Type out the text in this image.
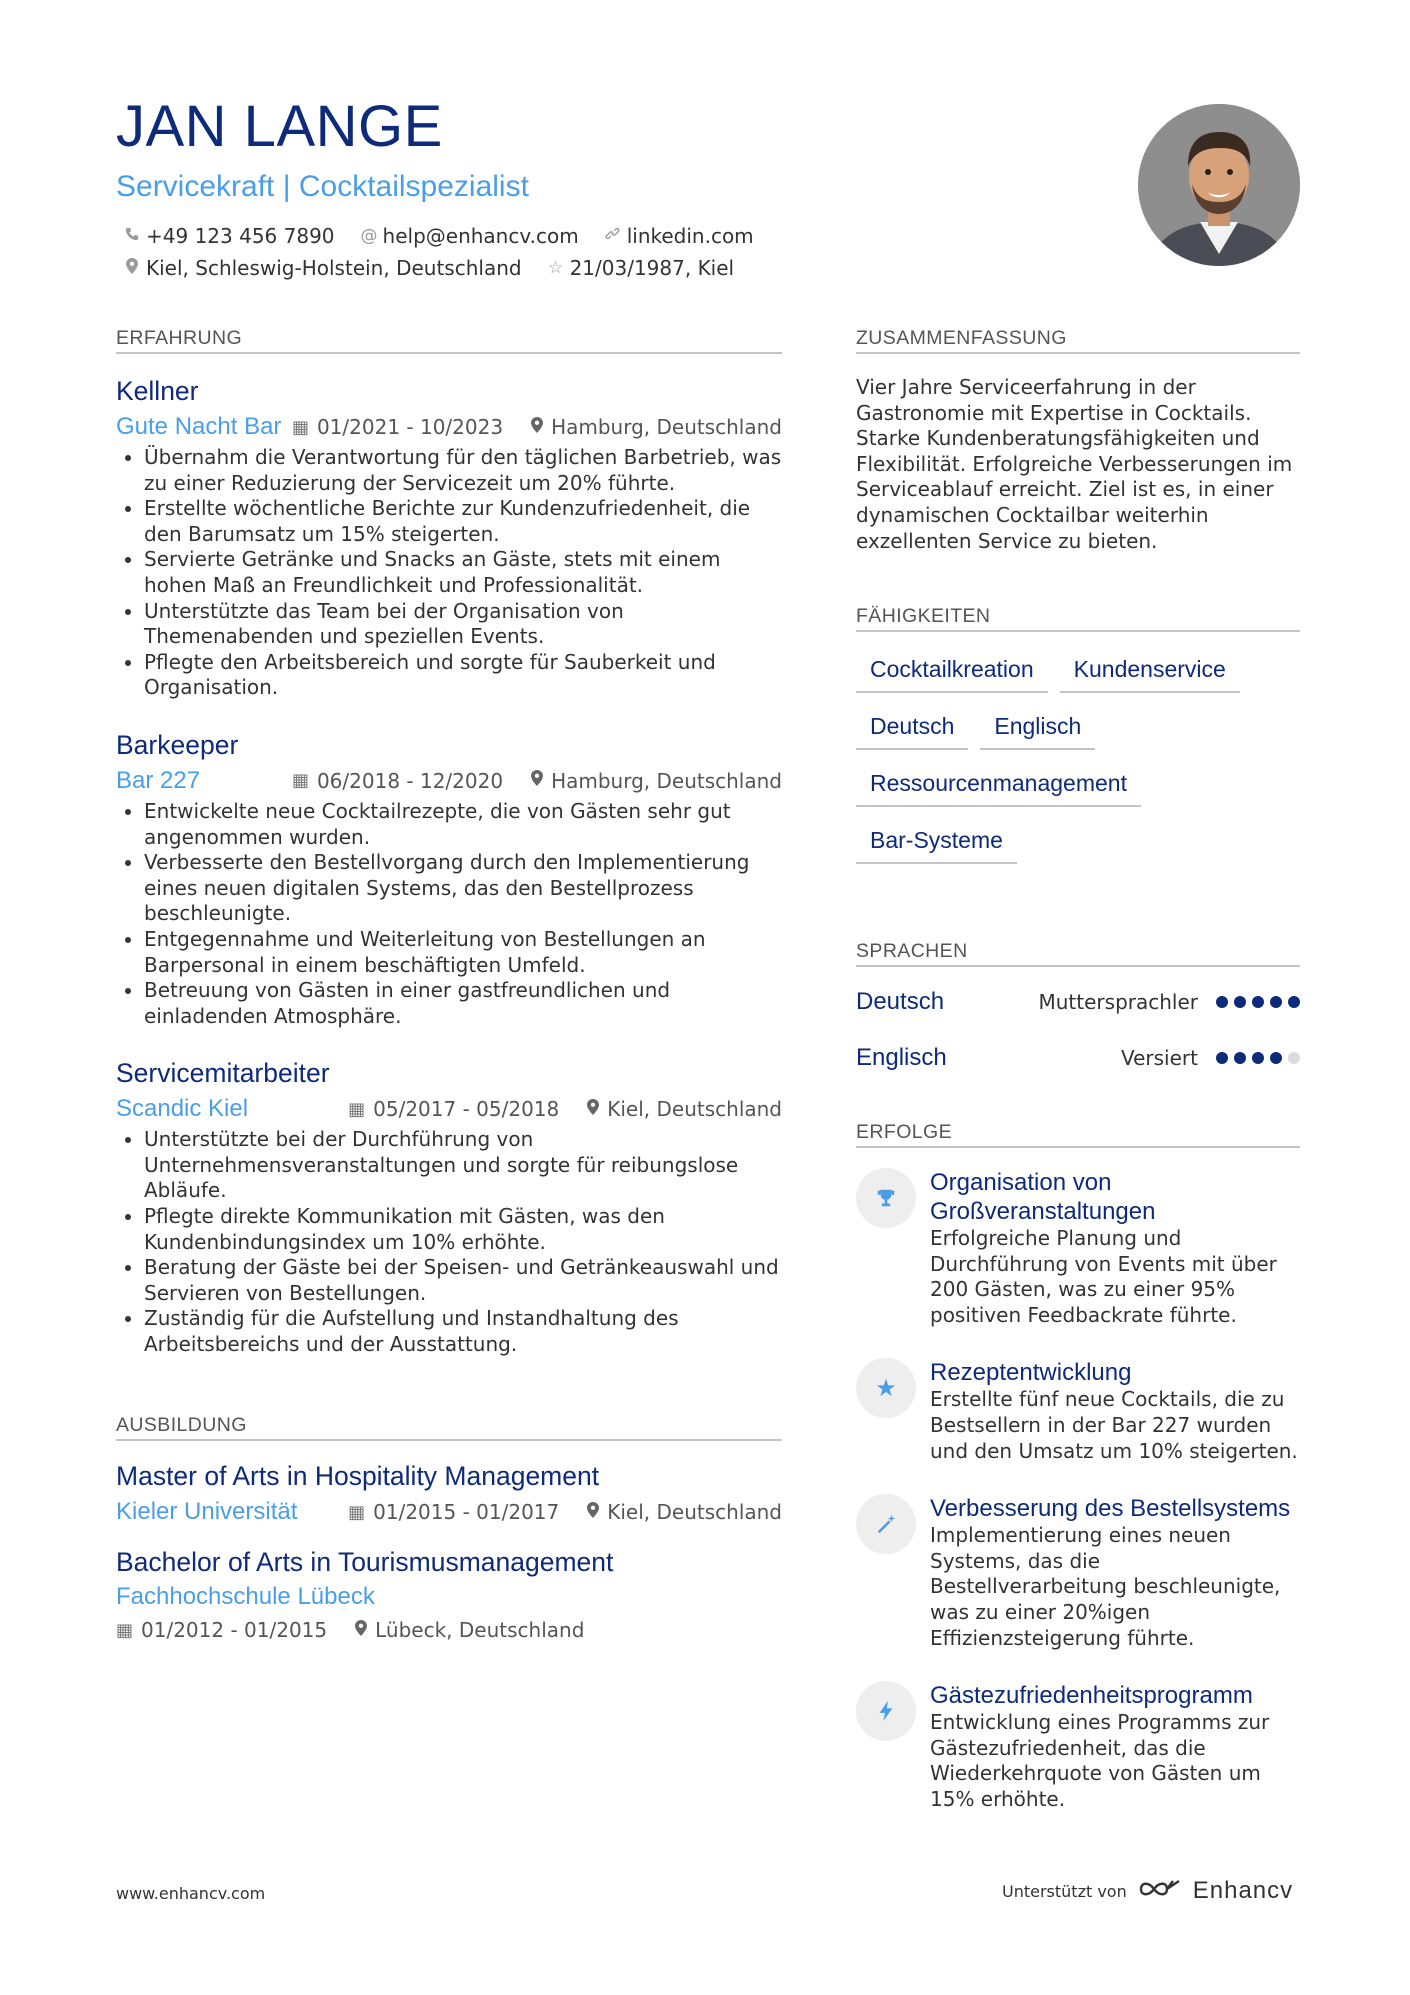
JAN LANGE
Servicekraft | Cocktailspezialist
+49 123 456 7890 @ help@enhancv.com linkedin.com
Kiel, Schleswig-Holstein, Deutschland ☆ 21/03/1987, Kiel
ERFAHRUNG
Kellner
Gute Nacht Bar ▦ 01/2021 - 10/2023 Hamburg, Deutschland
• Übernahm die Verantwortung für den täglichen Barbetrieb, was zu einer Reduzierung der Servicezeit um 20% führte.
• Erstellte wöchentliche Berichte zur Kundenzufriedenheit, die den Barumsatz um 15% steigerten.
• Servierte Getränke und Snacks an Gäste, stets mit einem hohen Maß an Freundlichkeit und Professionalität.
• Unterstützte das Team bei der Organisation von Themenabenden und speziellen Events.
• Pflegte den Arbeitsbereich und sorgte für Sauberkeit und Organisation.
Barkeeper
Bar 227	▦ 06/2018 - 12/2020 Hamburg, Deutschland
• Entwickelte neue Cocktailrezepte, die von Gästen sehr gut angenommen wurden.
• Verbesserte den Bestellvorgang durch den Implementierung eines neuen digitalen Systems, das den Bestellprozess beschleunigte.
• Entgegennahme und Weiterleitung von Bestellungen an Barpersonal in einem beschäftigten Umfeld.
• Betreuung von Gästen in einer gastfreundlichen und einladenden Atmosphäre.
Servicemitarbeiter
Scandic Kiel	▦ 05/2017 - 05/2018 Kiel, Deutschland
• Unterstützte bei der Durchführung von Unternehmensveranstaltungen und sorgte für reibungslose Abläufe.
• Pflegte direkte Kommunikation mit Gästen, was den Kundenbindungsindex um 10% erhöhte.
• Beratung der Gäste bei der Speisen- und Getränkeauswahl und Servieren von Bestellungen.
• Zuständig für die Aufstellung und Instandhaltung des Arbeitsbereichs und der Ausstattung.
AUSBILDUNG
Master of Arts in Hospitality Management
Kieler Universität	▦ 01/2015 - 01/2017 Kiel, Deutschland
Bachelor of Arts in Tourismusmanagement
Fachhochschule Lübeck
▦ 01/2012 - 01/2015 Lübeck, Deutschland
ZUSAMMENFASSUNG

Vier Jahre Serviceerfahrung in der Gastronomie mit Expertise in Cocktails. Starke Kundenberatungsfähigkeiten und Flexibilität. Erfolgreiche Verbesserungen im Serviceablauf erreicht. Ziel ist es, in einer dynamischen Cocktailbar weiterhin exzellenten Service zu bieten.

FÄHIGKEITEN
Cocktailkreation	Kundenservice
Deutsch	Englisch
Ressourcenmanagement
Bar-Systeme
SPRACHEN
Deutsch	Muttersprachler
Englisch	Versiert
ERFOLGE
Organisation von Großveranstaltungen
Erfolgreiche Planung und Durchführung von Events mit über 200 Gästen, was zu einer 95% positiven Feedbackrate führte.
★
Rezeptentwicklung
Erstellte fünf neue Cocktails, die zu Bestsellern in der Bar 227 wurden und den Umsatz um 10% steigerten.
Verbesserung des Bestellsystems
Implementierung eines neuen Systems, das die Bestellverarbeitung beschleunigte, was zu einer 20%igen Effizienzsteigerung führte.
Gästezufriedenheitsprogramm
Entwicklung eines Programms zur Gästezufriedenheit, das die Wiederkehrquote von Gästen um 15% erhöhte.
www.enhancv.com	Unterstützt von	Enhancv
